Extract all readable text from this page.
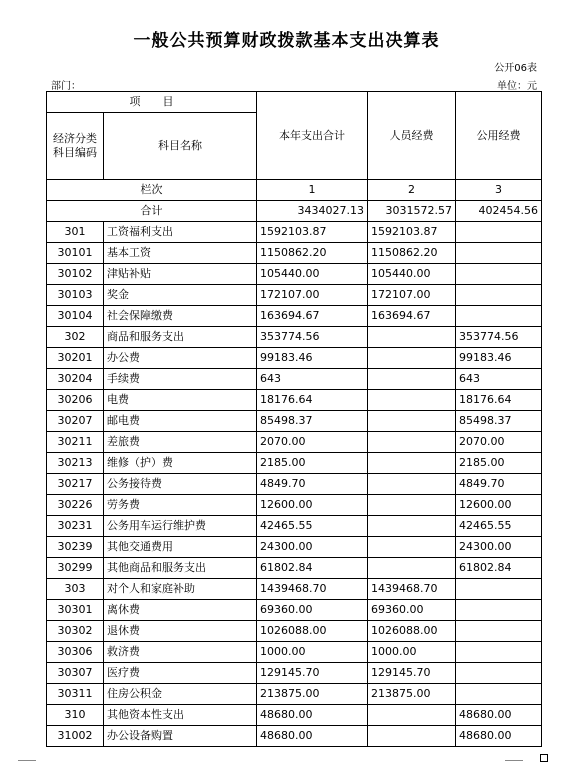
一般公共预算财政拨款基本支出决算表
公开06表
部门：	单位：元
项　　目		本年支出合计	人员经费	公用经费
经济分类科目编码	科目名称			
栏次		1	2	3
合计		3434027.13	3031572.57	402454.56
301	工资福利支出	1592103.87	1592103.87	
30101	基本工资	1150862.20	1150862.20	
30102	津贴补贴	105440.00	105440.00	
30103	奖金	172107.00	172107.00	
30104	社会保障缴费	163694.67	163694.67	
302	商品和服务支出	353774.56		353774.56
30201	办公费	99183.46		99183.46
30204	手续费	643		643
30206	电费	18176.64		18176.64
30207	邮电费	85498.37		85498.37
30211	差旅费	2070.00		2070.00
30213	维修（护）费	2185.00		2185.00
30217	公务接待费	4849.70		4849.70
30226	劳务费	12600.00		12600.00
30231	公务用车运行维护费	42465.55		42465.55
30239	其他交通费用	24300.00		24300.00
30299	其他商品和服务支出	61802.84		61802.84
303	对个人和家庭补助	1439468.70	1439468.70	
30301	离休费	69360.00	69360.00	
30302	退休费	1026088.00	1026088.00	
30306	救济费	1000.00	1000.00	
30307	医疗费	129145.70	129145.70	
30311	住房公积金	213875.00	213875.00	
310	其他资本性支出	48680.00		48680.00
31002	办公设备购置	48680.00		48680.00
